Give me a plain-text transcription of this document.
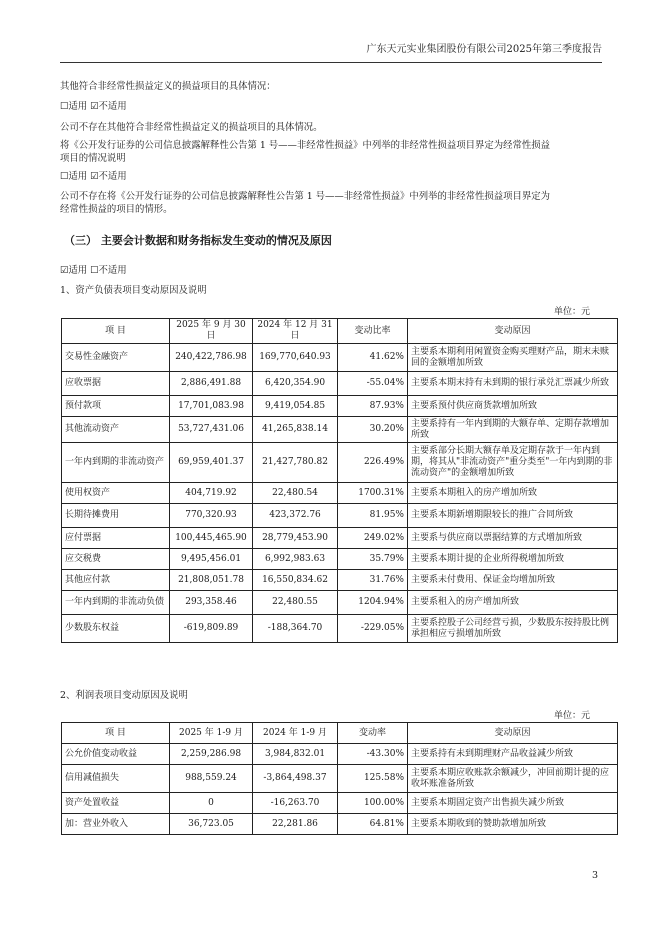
广东天元实业集团股份有限公司2025年第三季度报告
其他符合非经常性损益定义的损益项目的具体情况：
☐适用 ☑不适用
公司不存在其他符合非经常性损益定义的损益项目的具体情况。
将《公开发行证券的公司信息披露解释性公告第 1 号——非经常性损益》中列举的非经常性损益项目界定为经常性损益
项目的情况说明
☐适用 ☑不适用
公司不存在将《公开发行证券的公司信息披露解释性公告第 1 号——非经常性损益》中列举的非经常性损益项目界定为
经常性损益的项目的情形。
（三） 主要会计数据和财务指标发生变动的情况及原因
☑适用 ☐不适用
1、资产负债表项目变动原因及说明
单位：元
项 目	2025 年 9 月 30 日	2024 年 12 月 31 日	变动比率	变动原因
交易性金融资产	240,422,786.98	169,770,640.93	41.62%	主要系本期利用闲置资金购买理财产品，期末未赎回的金额增加所致
应收票据	2,886,491.88	6,420,354.90	-55.04%	主要系本期末持有未到期的银行承兑汇票减少所致
预付款项	17,701,083.98	9,419,054.85	87.93%	主要系预付供应商货款增加所致
其他流动资产	53,727,431.06	41,265,838.14	30.20%	主要系持有一年内到期的大额存单、定期存款增加所致
一年内到期的非流动资产	69,959,401.37	21,427,780.82	226.49%	主要系部分长期大额存单及定期存款于一年内到期，将其从"非流动资产"重分类至"一年内到期的非流动资产"的金额增加所致
使用权资产	404,719.92	22,480.54	1700.31%	主要系本期租入的房产增加所致
长期待摊费用	770,320.93	423,372.76	81.95%	主要系本期新增期限较长的推广合同所致
应付票据	100,445,465.90	28,779,453.90	249.02%	主要系与供应商以票据结算的方式增加所致
应交税费	9,495,456.01	6,992,983.63	35.79%	主要系本期计提的企业所得税增加所致
其他应付款	21,808,051.78	16,550,834.62	31.76%	主要系未付费用、保证金均增加所致
一年内到期的非流动负债	293,358.46	22,480.55	1204.94%	主要系租入的房产增加所致
少数股东权益	-619,809.89	-188,364.70	-229.05%	主要系控股子公司经营亏损，少数股东按持股比例承担相应亏损增加所致
2、利润表项目变动原因及说明
单位：元
项 目	2025 年 1-9 月	2024 年 1-9 月	变动率	变动原因
公允价值变动收益	2,259,286.98	3,984,832.01	-43.30%	主要系持有未到期理财产品收益减少所致
信用减值损失	988,559.24	-3,864,498.37	125.58%	主要系本期应收账款余额减少，冲回前期计提的应收坏账准备所致
资产处置收益	0	-16,263.70	100.00%	主要系本期固定资产出售损失减少所致
加：营业外收入	36,723.05	22,281.86	64.81%	主要系本期收到的赞助款增加所致
3
